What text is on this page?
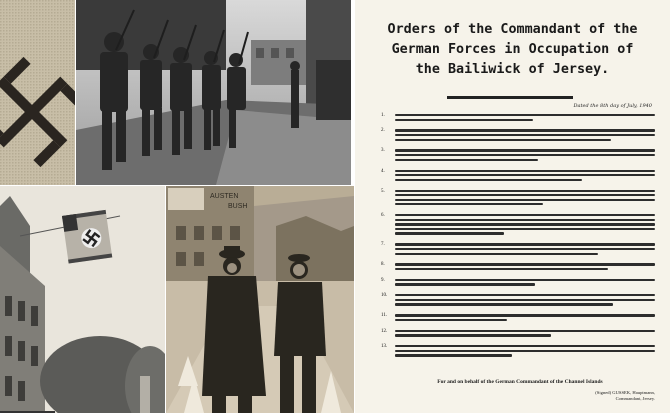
AUSTEN
BUSH
Orders of the Commandant of the
German Forces in Occupation of
the Bailiwick of Jersey.
Dated the 8th day of July, 1940
1.
2.
3.
4.
5.
6.
7.
8.
9.
10.
11.
12.
13.
For and on behalf of the German Commandant of the Channel Islands
(Signed) GUSSEK, Hauptmann,
Commandant, Jersey.
